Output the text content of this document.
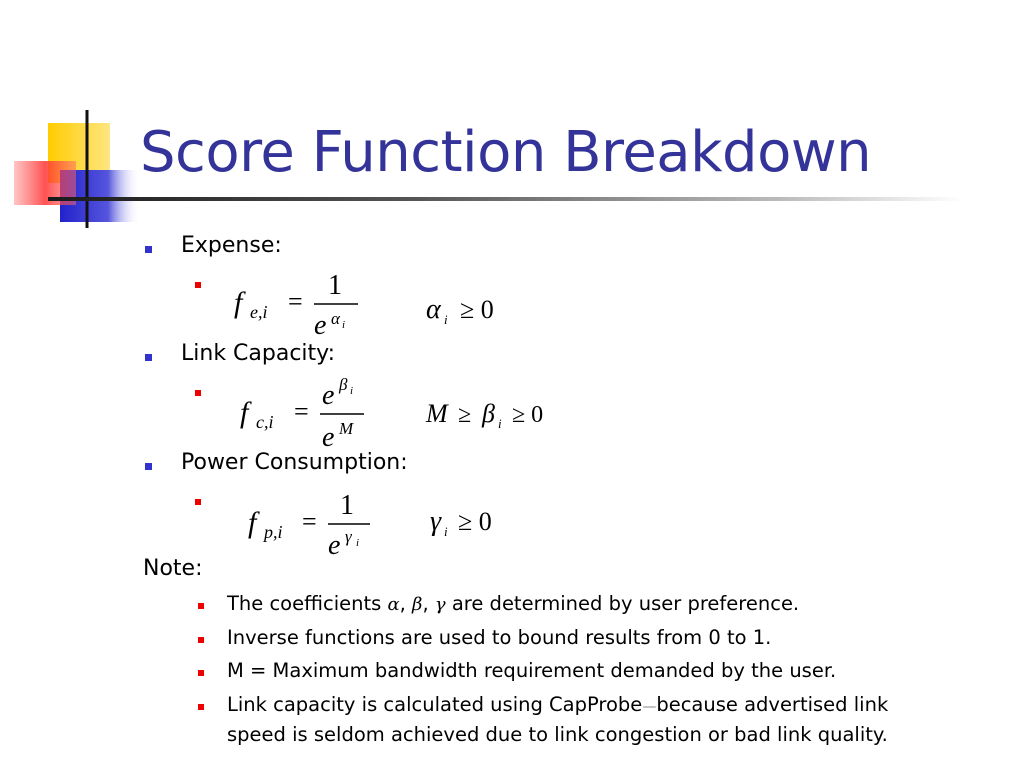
Score Function Breakdown
Expense:
f e,i =
1
e α i	α i ≥ 0
Link Capacity:
f c,i =
e β i
e M
M ≥ β i ≥ 0
Power Consumption:
f p,i =
1
e γ i
γ i ≥ 0
Note:
The coefficients α, β, γ are determined by user preference.
Inverse functions are used to bound results from 0 to 1.
M = Maximum bandwidth requirement demanded by the user.
Link capacity is calculated using CapProbe—because advertised link
speed is seldom achieved due to link congestion or bad link quality.
